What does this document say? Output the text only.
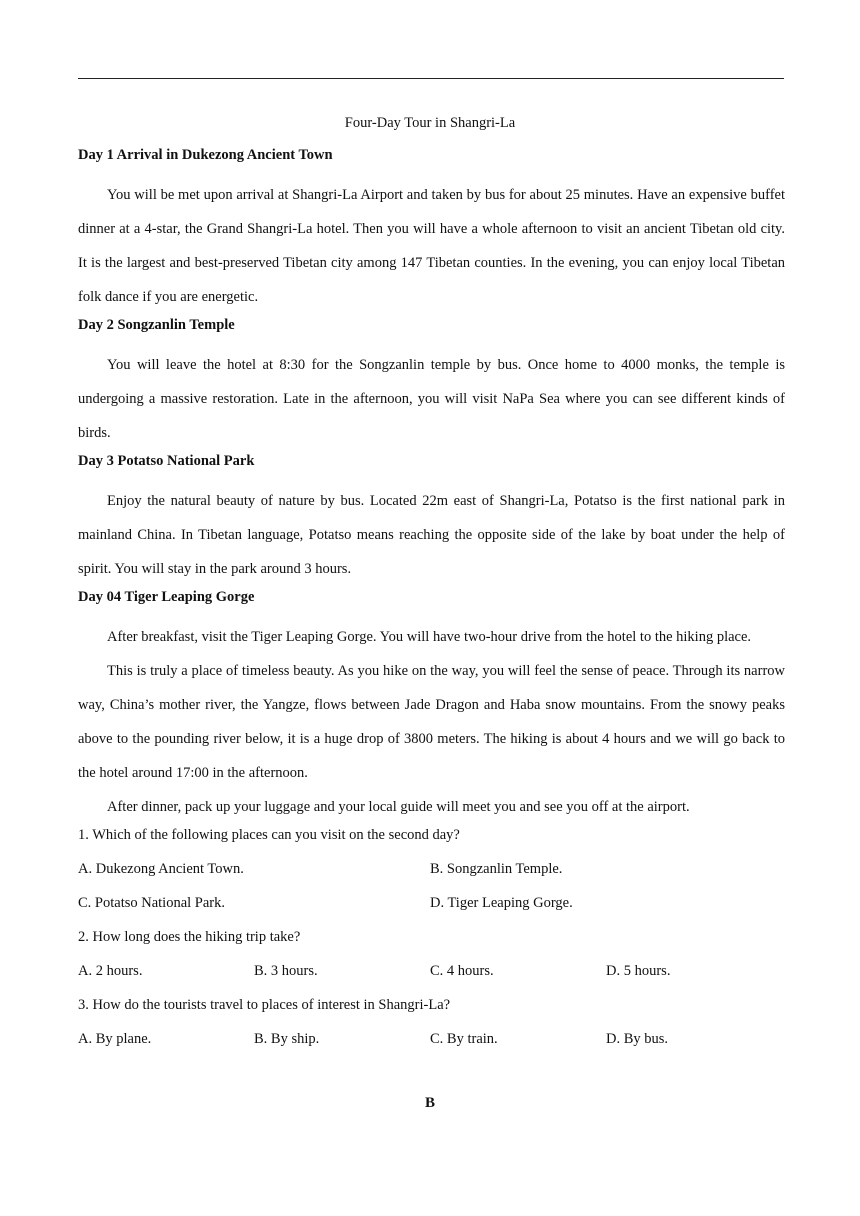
Four-Day Tour in Shangri-La
Day 1 Arrival in Dukezong Ancient Town
You will be met upon arrival at Shangri-La Airport and taken by bus for about 25 minutes. Have an expensive buffet dinner at a 4-star, the Grand Shangri-La hotel. Then you will have a whole afternoon to visit an ancient Tibetan old city. It is the largest and best-preserved Tibetan city among 147 Tibetan counties. In the evening, you can enjoy local Tibetan folk dance if you are energetic.
Day 2 Songzanlin Temple
You will leave the hotel at 8:30 for the Songzanlin temple by bus. Once home to 4000 monks, the temple is undergoing a massive restoration. Late in the afternoon, you will visit NaPa Sea where you can see different kinds of birds.
Day 3 Potatso National Park
Enjoy the natural beauty of nature by bus. Located 22m east of Shangri-La, Potatso is the first national park in mainland China. In Tibetan language, Potatso means reaching the opposite side of the lake by boat under the help of spirit. You will stay in the park around 3 hours.
Day 04 Tiger Leaping Gorge
After breakfast, visit the Tiger Leaping Gorge. You will have two-hour drive from the hotel to the hiking place.
This is truly a place of timeless beauty. As you hike on the way, you will feel the sense of peace. Through its narrow way, China’s mother river, the Yangze, flows between Jade Dragon and Haba snow mountains. From the snowy peaks above to the pounding river below, it is a huge drop of 3800 meters. The hiking is about 4 hours and we will go back to the hotel around 17:00 in the afternoon.
After dinner, pack up your luggage and your local guide will meet you and see you off at the airport.
1. Which of the following places can you visit on the second day?
A. Dukezong Ancient Town.	B. Songzanlin Temple.
C. Potatso National Park.	D. Tiger Leaping Gorge.
2. How long does the hiking trip take?
A. 2 hours.	B. 3 hours.	C. 4 hours.	D. 5 hours.
3. How do the tourists travel to places of interest in Shangri-La?
A. By plane.	B. By ship.	C. By train.	D. By bus.
B
